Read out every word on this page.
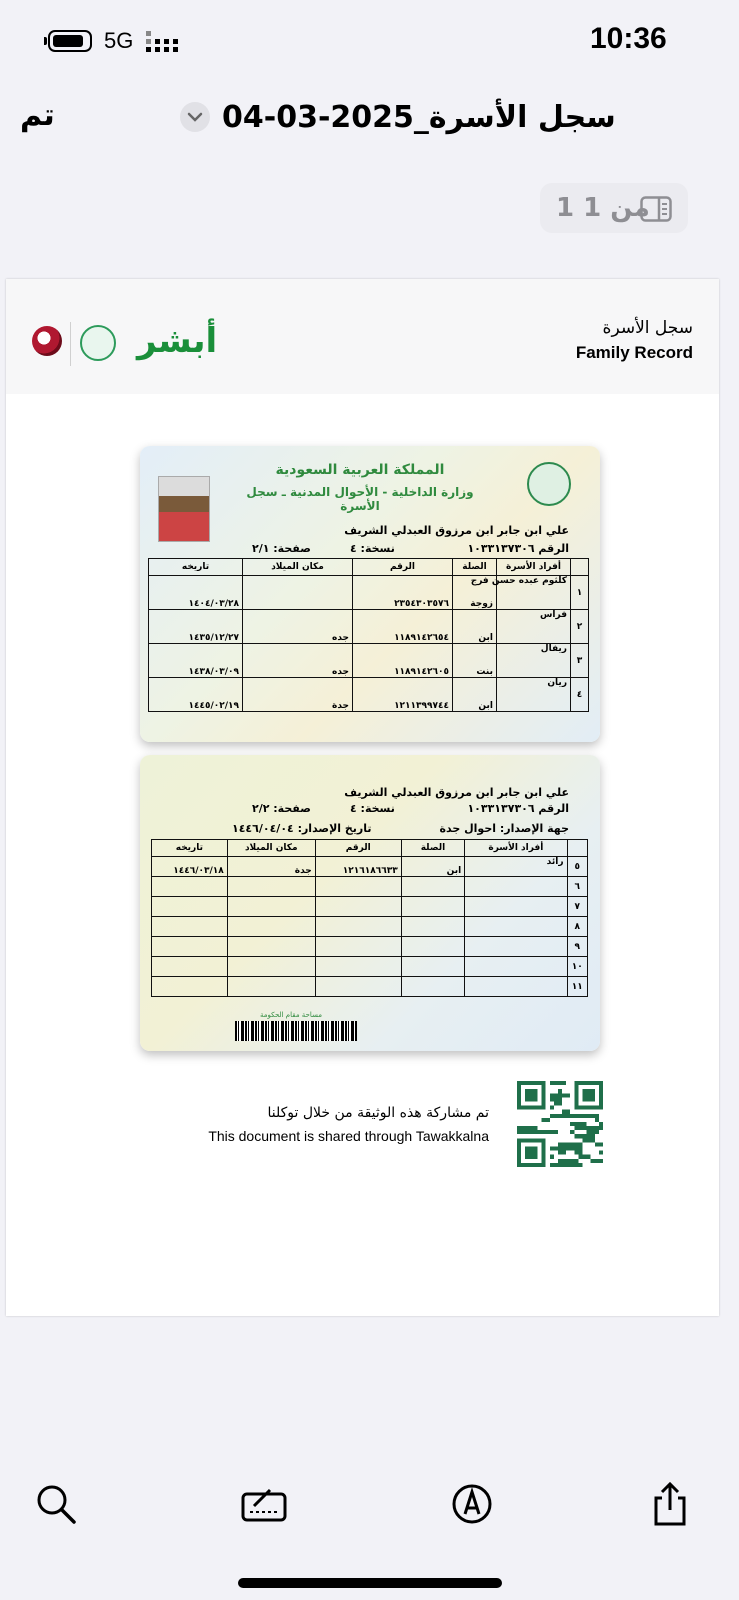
5G	10:36
تم	سجل الأسرة_2025-03-04
1 من 1
سجل الأسرة
Family Record
أبشر
المملكة العربية السعودية
وزارة الداخلية - الأحوال المدنية ـ سجل الأسرة
علي ابن جابر ابن مرزوق العبدلي الشريف
الرقم ١٠٣٣١٣٧٣٠٦
نسخة: ٤
صفحة: ٢/١
	أفراد الأسرة	الصلة	الرقم	مكان الميلاد	تاريخه
١	كلثوم عبده حسن فرج	زوجة	٢٣٥٤٣٠٣٥٧٦		١٤٠٤/٠٣/٢٨
٢	فراس	ابن	١١٨٩١٤٢٦٥٤	جده	١٤٣٥/١٢/٢٧
٣	ريفال	بنت	١١٨٩١٤٢٦٠٥	جده	١٤٣٨/٠٣/٠٩
٤	ريان	ابن	١٢١١٣٩٩٧٤٤	جدة	١٤٤٥/٠٢/١٩
علي ابن جابر ابن مرزوق العبدلي الشريف
الرقم ١٠٣٣١٣٧٣٠٦
نسخة: ٤
صفحة: ٢/٢
جهة الإصدار: احوال جدة
تاريخ الإصدار: ١٤٤٦/٠٤/٠٤
	أفراد الأسرة	الصلة	الرقم	مكان الميلاد	تاريخه
٥	رائد	ابن	١٢١٦١٨٦٦٣٣	جدة	١٤٤٦/٠٣/١٨
٦					
٧					
٨					
٩					
١٠					
١١					
مساحة مقام الحكومة
تم مشاركة هذه الوثيقة من خلال توكلنا
This document is shared through Tawakkalna
